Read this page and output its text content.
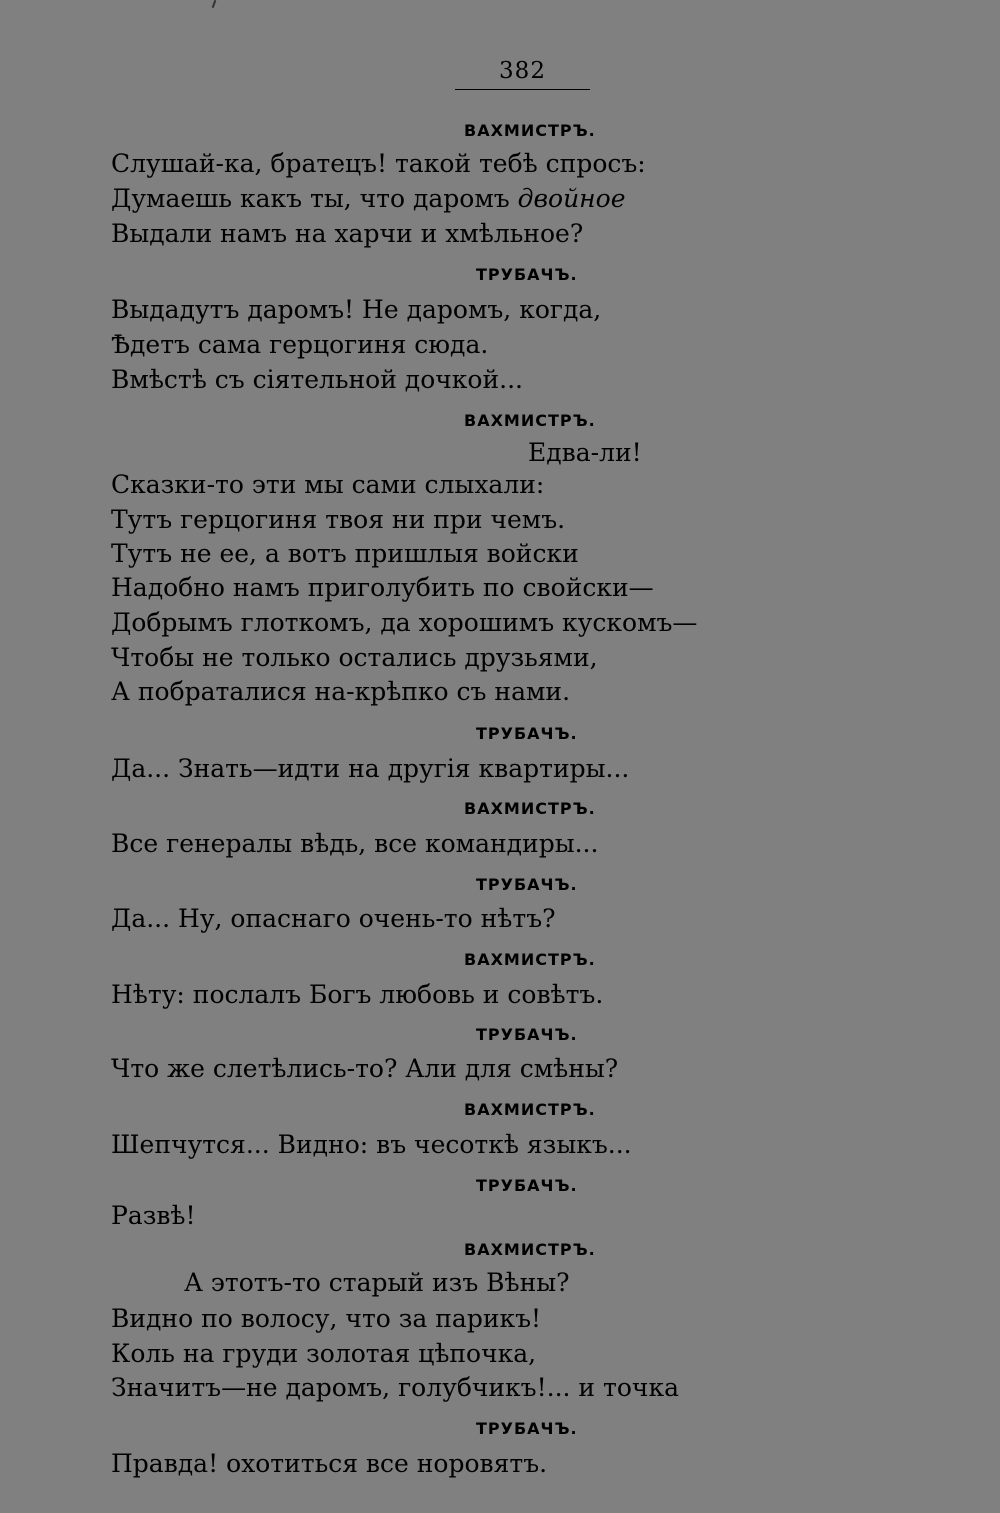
382
ВАХМИСТРЪ.
Слушай-ка, братецъ! такой тебѣ спросъ:
Думаешь какъ ты, что даромъ двойное
Выдали намъ на харчи и хмѣльное?
ТРУБАЧЪ.
Выдадутъ даромъ! Не даромъ, когда,
Ѣдетъ сама герцогиня сюда.
Вмѣстѣ съ сіятельной дочкой...
ВАХМИСТРЪ.
Едва-ли!
Сказки-то эти мы сами слыхали:
Тутъ герцогиня твоя ни при чемъ.
Тутъ не ее, а вотъ пришлыя войски
Надобно намъ приголубить по свойски—
Добрымъ глоткомъ, да хорошимъ кускомъ—
Чтобы не только остались друзьями,
А побраталися на-крѣпко съ нами.
ТРУБАЧЪ.
Да... Знать—идти на другія квартиры...
ВАХМИСТРЪ.
Все генералы вѣдь, все командиры...
ТРУБАЧЪ.
Да... Ну, опаснаго очень-то нѣтъ?
ВАХМИСТРЪ.
Нѣту: послалъ Богъ любовь и совѣтъ.
ТРУБАЧЪ.
Что же слетѣлись-то? Али для смѣны?
ВАХМИСТРЪ.
Шепчутся... Видно: въ чесоткѣ языкъ...
ТРУБАЧЪ.
Развѣ!
ВАХМИСТРЪ.
А этотъ-то старый изъ Вѣны?
Видно по волосу, что за парикъ!
Коль на груди золотая цѣпочка,
Значитъ—не даромъ, голубчикъ!... и точка
ТРУБАЧЪ.
Правда! охотиться все норовятъ.
